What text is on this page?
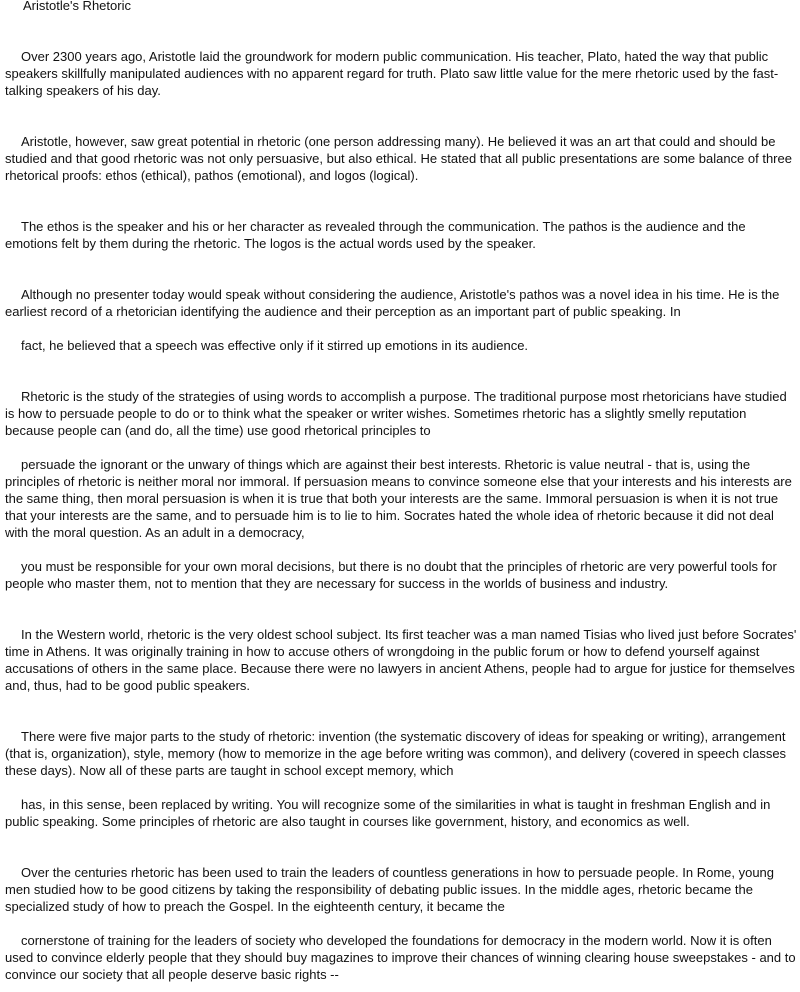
Aristotle's Rhetoric

Over 2300 years ago, Aristotle laid the groundwork for modern public communication. His teacher, Plato, hated the way that public speakers skillfully manipulated audiences with no apparent regard for truth. Plato saw little value for the mere rhetoric used by the fast-talking speakers of his day.

Aristotle, however, saw great potential in rhetoric (one person addressing many). He believed it was an art that could and should be studied and that good rhetoric was not only persuasive, but also ethical. He stated that all public presentations are some balance of three rhetorical proofs: ethos (ethical), pathos (emotional), and logos (logical).

The ethos is the speaker and his or her character as revealed through the communication. The pathos is the audience and the emotions felt by them during the rhetoric. The logos is the actual words used by the speaker.

Although no presenter today would speak without considering the audience, Aristotle's pathos was a novel idea in his time. He is the earliest record of a rhetorician identifying the audience and their perception as an important part of public speaking. In

fact, he believed that a speech was effective only if it stirred up emotions in its audience.

Rhetoric is the study of the strategies of using words to accomplish a purpose. The traditional purpose most rhetoricians have studied is how to persuade people to do or to think what the speaker or writer wishes. Sometimes rhetoric has a slightly smelly reputation because people can (and do, all the time) use good rhetorical principles to

persuade the ignorant or the unwary of things which are against their best interests. Rhetoric is value neutral - that is, using the principles of rhetoric is neither moral nor immoral. If persuasion means to convince someone else that your interests and his interests are the same thing, then moral persuasion is when it is true that both your interests are the same. Immoral persuasion is when it is not true that your interests are the same, and to persuade him is to lie to him. Socrates hated the whole idea of rhetoric because it did not deal with the moral question. As an adult in a democracy,

you must be responsible for your own moral decisions, but there is no doubt that the principles of rhetoric are very powerful tools for people who master them, not to mention that they are necessary for success in the worlds of business and industry.

In the Western world, rhetoric is the very oldest school subject. Its first teacher was a man named Tisias who lived just before Socrates' time in Athens. It was originally training in how to accuse others of wrongdoing in the public forum or how to defend yourself against accusations of others in the same place. Because there were no lawyers in ancient Athens, people had to argue for justice for themselves and, thus, had to be good public speakers.

There were five major parts to the study of rhetoric: invention (the systematic discovery of ideas for speaking or writing), arrangement (that is, organization), style, memory (how to memorize in the age before writing was common), and delivery (covered in speech classes these days). Now all of these parts are taught in school except memory, which

has, in this sense, been replaced by writing. You will recognize some of the similarities in what is taught in freshman English and in public speaking. Some principles of rhetoric are also taught in courses like government, history, and economics as well.

Over the centuries rhetoric has been used to train the leaders of countless generations in how to persuade people. In Rome, young men studied how to be good citizens by taking the responsibility of debating public issues. In the middle ages, rhetoric became the specialized study of how to preach the Gospel. In the eighteenth century, it became the

cornerstone of training for the leaders of society who developed the foundations for democracy in the modern world. Now it is often used to convince elderly people that they should buy magazines to improve their chances of winning clearing house sweepstakes - and to convince our society that all people deserve basic rights --
